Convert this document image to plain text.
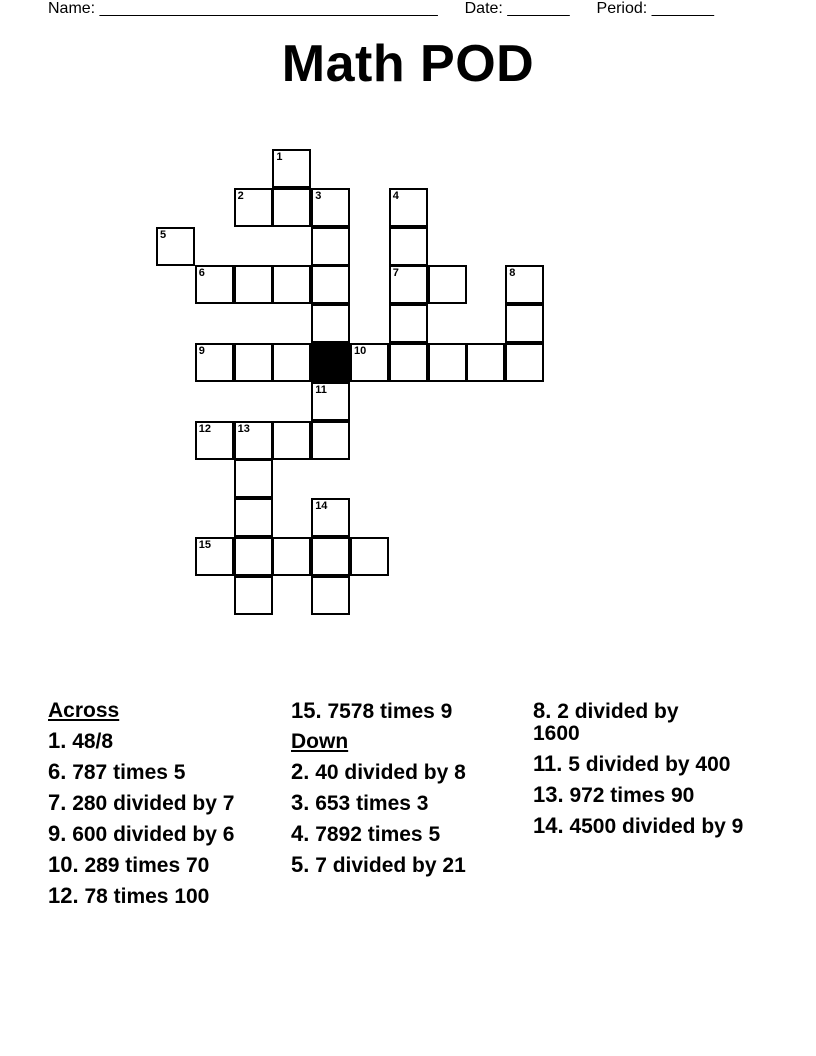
Name: ______________________________________ Date: _______ Period: _______
Math POD
1
2	3	4
5
6	7	8
9	10
11
12 13
14
15
Across
1. 48/8
6. 787 times 5
7. 280 divided by 7
9. 600 divided by 6
10. 289 times 70
12. 78 times 100
15. 7578 times 9
Down
2. 40 divided by 8
3. 653 times 3
4. 7892 times 5
5. 7 divided by 21
8. 2 divided by 1600
11. 5 divided by 400
13. 972 times 90
14. 4500 divided by 9
